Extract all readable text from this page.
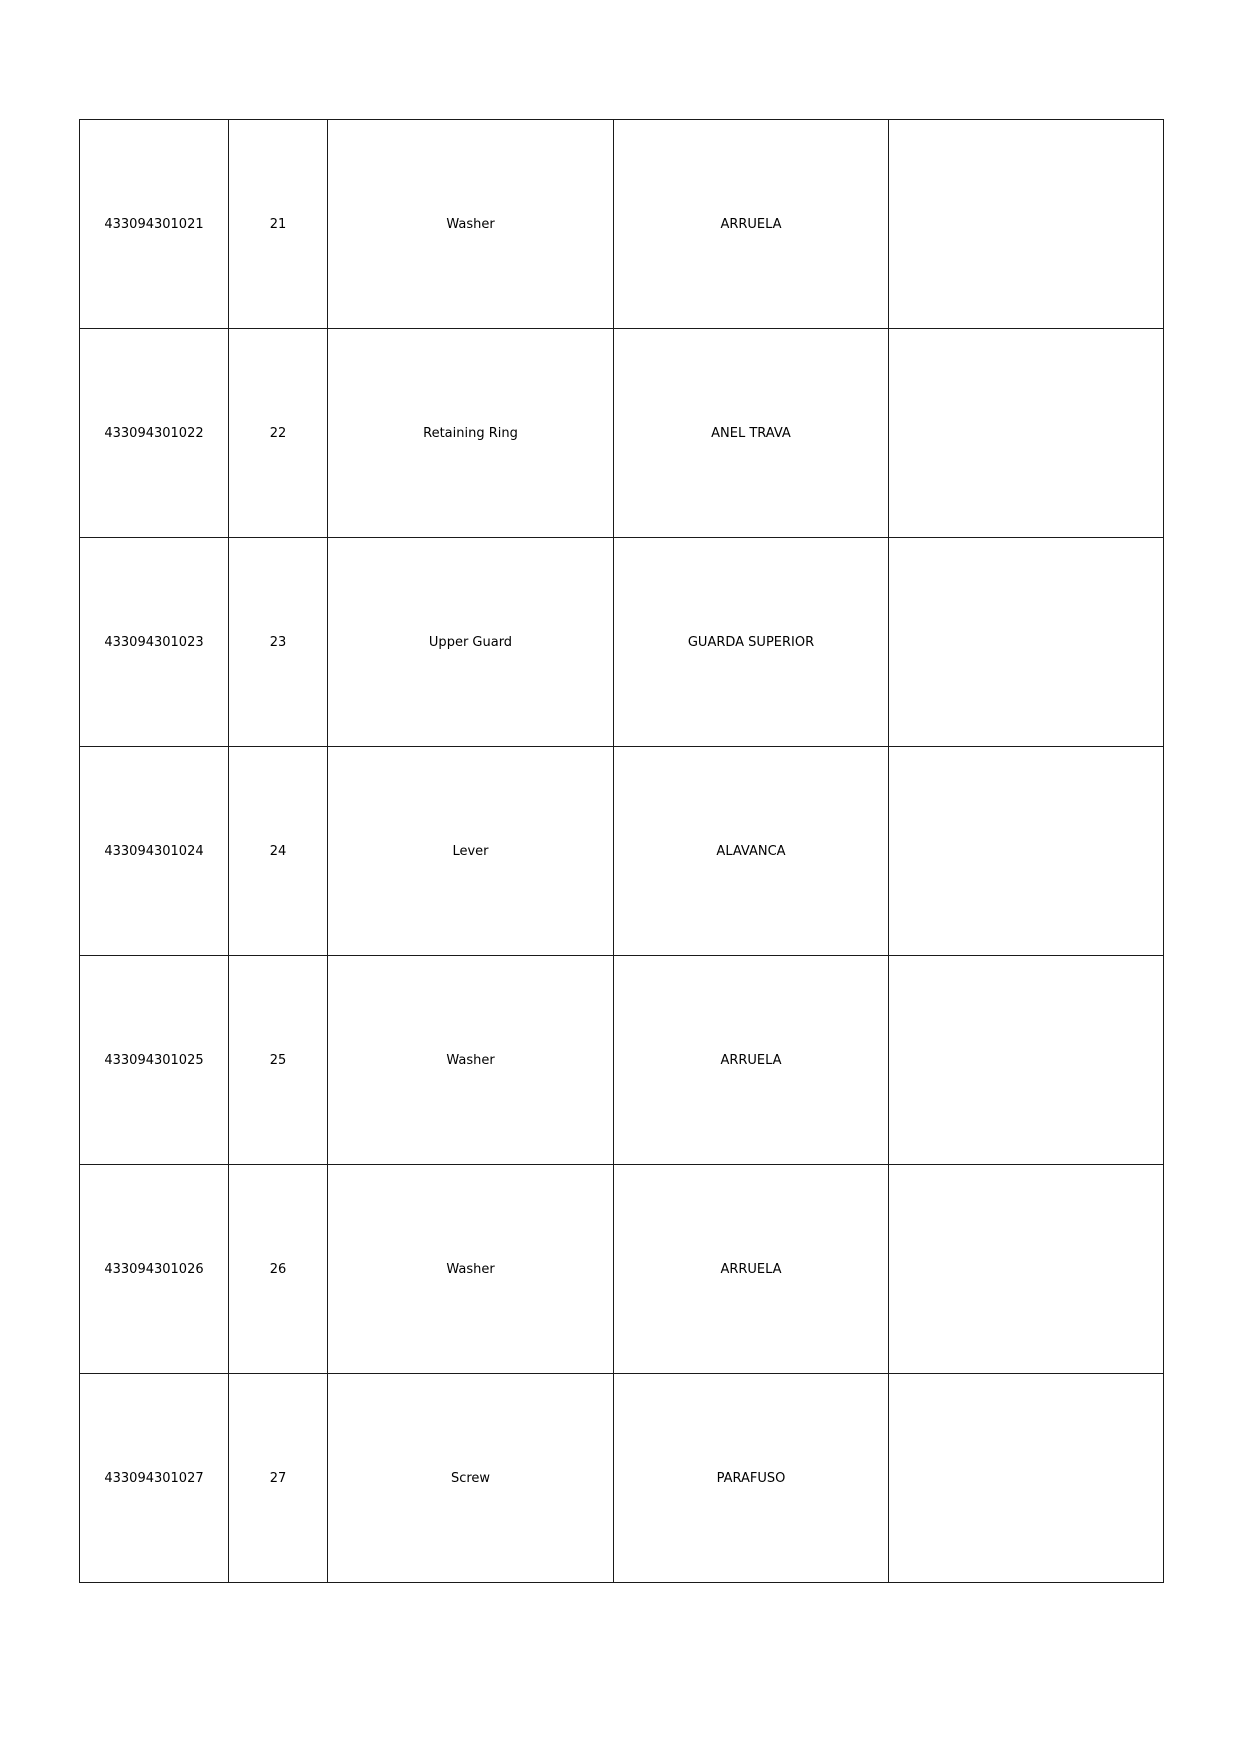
433094301021	21	Washer	ARRUELA	
433094301022	22	Retaining Ring	ANEL TRAVA	
433094301023	23	Upper Guard	GUARDA SUPERIOR	
433094301024	24	Lever	ALAVANCA	
433094301025	25	Washer	ARRUELA	
433094301026	26	Washer	ARRUELA	
433094301027	27	Screw	PARAFUSO	
